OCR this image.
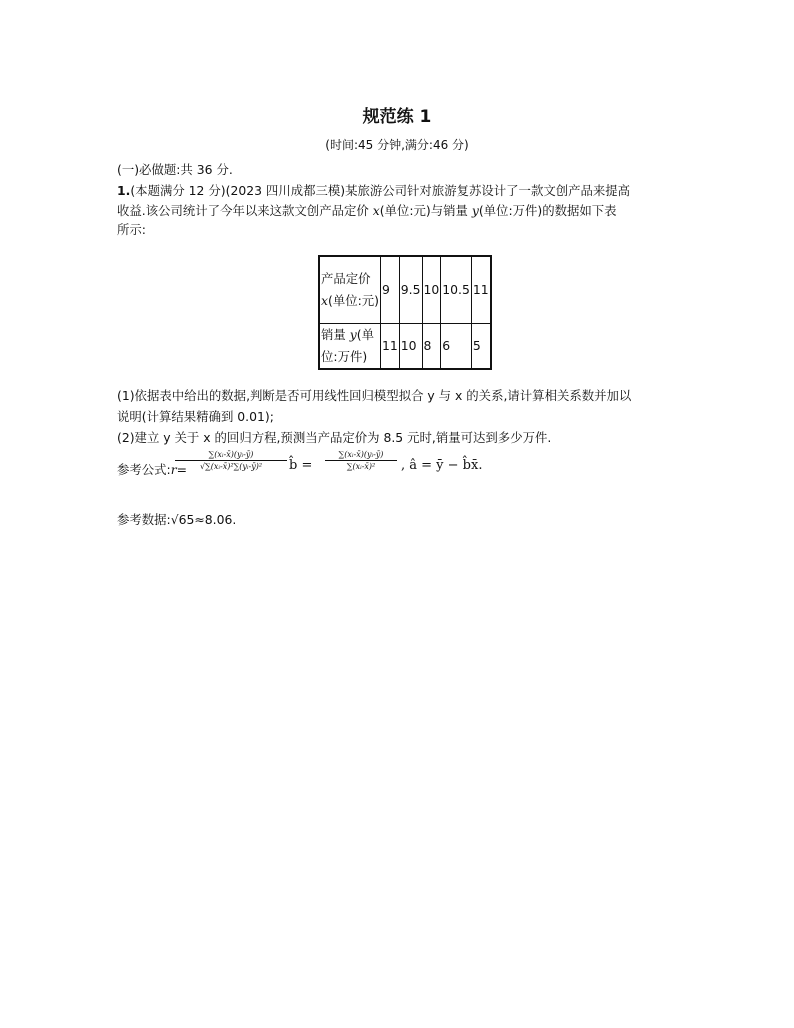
规范练 1
(时间:45 分钟,满分:46 分)
(一)必做题:共 36 分.
1.(本题满分 12 分)(2023 四川成都三模)某旅游公司针对旅游复苏设计了一款文创产品来提高
收益.该公司统计了今年以来这款文创产品定价 x(单位:元)与销量 y(单位:万件)的数据如下表
所示:
产品定价x(单位:元)	9	9.5	10	10.5	11
销量 y(单位:万件)	11	10	8	6	5
(1)依据表中给出的数据,判断是否可用线性回归模型拟合 y 与 x 的关系,请计算相关系数并加以
说明(计算结果精确到 0.01);
(2)建立 y 关于 x 的回归方程,预测当产品定价为 8.5 元时,销量可达到多少万件.
参考公式:r=
∑(xᵢ-x̄)(yᵢ-ȳ)
√∑(xᵢ-x̄)²∑(yᵢ-ȳ)² b̂ =
∑(xᵢ-x̄)(yᵢ-ȳ)
∑(xᵢ-x̄)² , â = ȳ − b̂x̄.
参考数据:√65≈8.06.
